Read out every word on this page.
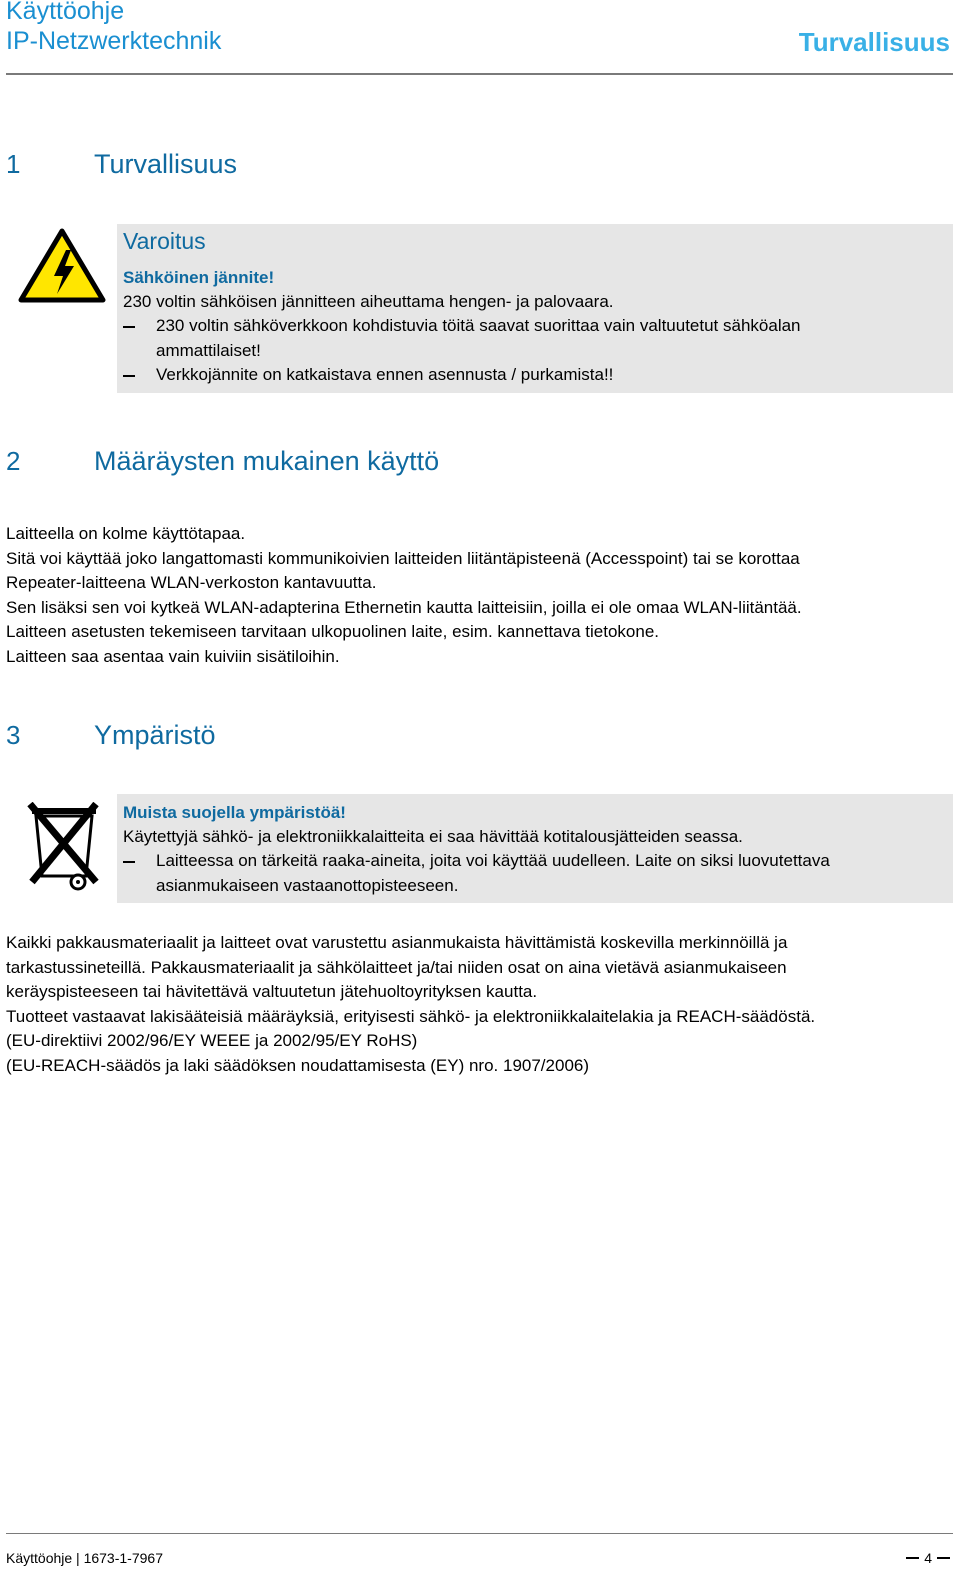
Käyttöohje
IP-Netzwerktechnik	Turvallisuus
1	Turvallisuus
Varoitus
Sähköinen jännite!
230 voltin sähköisen jännitteen aiheuttama hengen- ja palovaara.
230 voltin sähköverkkoon kohdistuvia töitä saavat suorittaa vain valtuutetut sähköalan
ammattilaiset!
Verkkojännite on katkaistava ennen asennusta / purkamista!!
2	Määräysten mukainen käyttö
Laitteella on kolme käyttötapaa.
Sitä voi käyttää joko langattomasti kommunikoivien laitteiden liitäntäpisteenä (Accesspoint) tai se korottaa
Repeater-laitteena WLAN-verkoston kantavuutta.
Sen lisäksi sen voi kytkeä WLAN-adapterina Ethernetin kautta laitteisiin, joilla ei ole omaa WLAN-liitäntää.
Laitteen asetusten tekemiseen tarvitaan ulkopuolinen laite, esim. kannettava tietokone.
Laitteen saa asentaa vain kuiviin sisätiloihin.
3	Ympäristö
Muista suojella ympäristöä!
Käytettyjä sähkö- ja elektroniikkalaitteita ei saa hävittää kotitalousjätteiden seassa.
Laitteessa on tärkeitä raaka-aineita, joita voi käyttää uudelleen. Laite on siksi luovutettava
asianmukaiseen vastaanottopisteeseen.
Kaikki pakkausmateriaalit ja laitteet ovat varustettu asianmukaista hävittämistä koskevilla merkinnöillä ja
tarkastussineteillä. Pakkausmateriaalit ja sähkölaitteet ja/tai niiden osat on aina vietävä asianmukaiseen
keräyspisteeseen tai hävitettävä valtuutetun jätehuoltoyrityksen kautta.
Tuotteet vastaavat lakisääteisiä määräyksiä, erityisesti sähkö- ja elektroniikkalaitelakia ja REACH-säädöstä.
(EU-direktiivi 2002/96/EY WEEE ja 2002/95/EY RoHS)
(EU-REACH-säädös ja laki säädöksen noudattamisesta (EY) nro. 1907/2006)
Käyttöohje | 1673-1-7967	4
